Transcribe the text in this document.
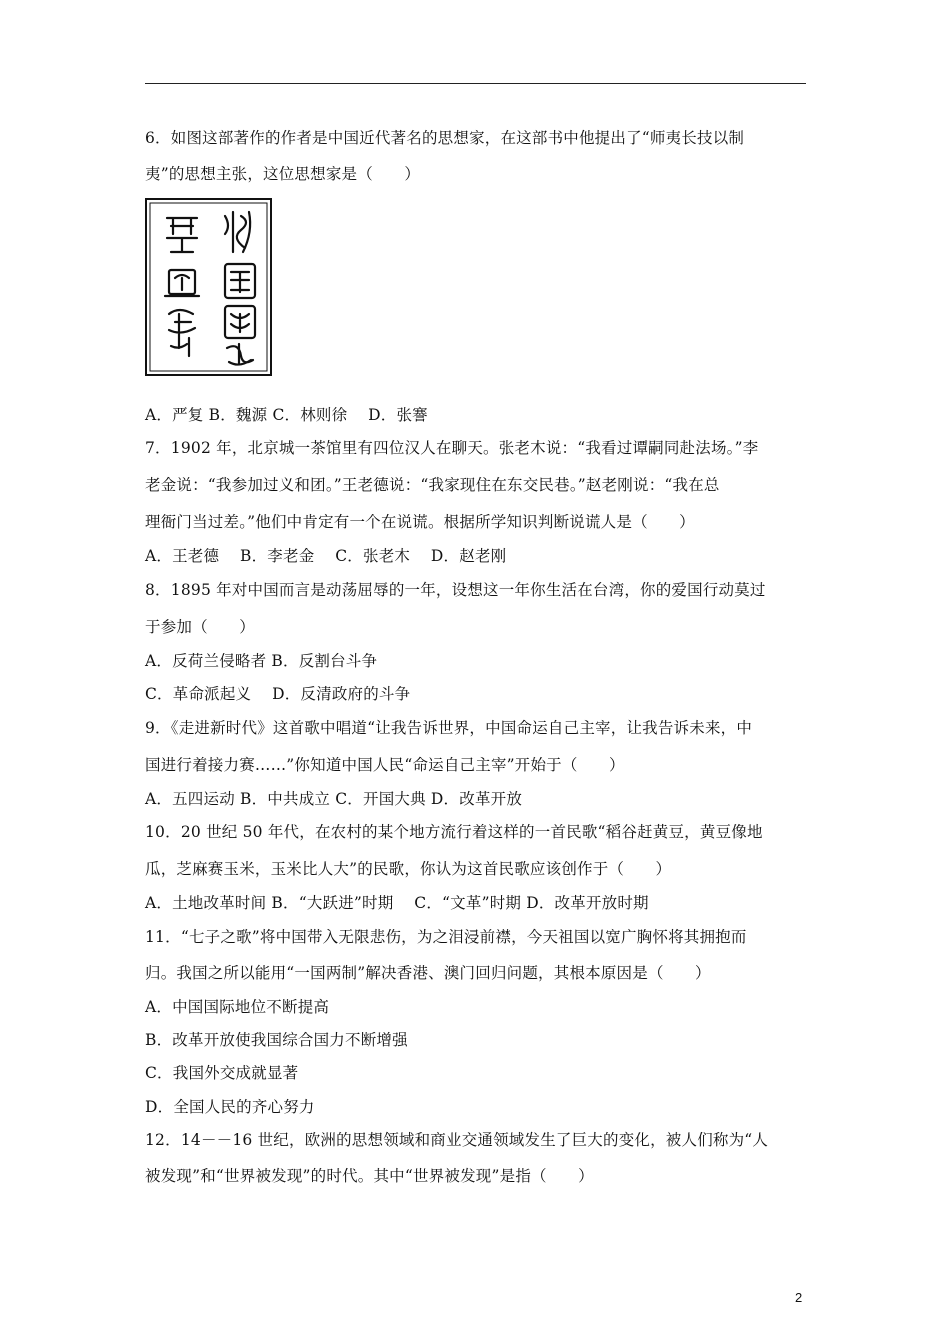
6．如图这部著作的作者是中国近代著名的思想家，在这部书中他提出了“师夷长技以制
夷”的思想主张，这位思想家是（　　）
A．严复 B．魏源 C．林则徐　 D．张謇
7．1902 年，北京城一茶馆里有四位汉人在聊天。张老木说：“我看过谭嗣同赴法场。”李
老金说：“我参加过义和团。”王老德说：“我家现住在东交民巷。”赵老刚说：“我在总
理衙门当过差。”他们中肯定有一个在说谎。根据所学知识判断说谎人是（　　）
A．王老德　 B．李老金　 C．张老木　 D．赵老刚
8．1895 年对中国而言是动荡屈辱的一年，设想这一年你生活在台湾，你的爱国行动莫过
于参加（　　）
A．反荷兰侵略者 B．反割台斗争
C．革命派起义　 D．反清政府的斗争
9．《走进新时代》这首歌中唱道“让我告诉世界，中国命运自己主宰，让我告诉未来，中
国进行着接力赛……”你知道中国人民“命运自己主宰”开始于（　　）
A．五四运动 B．中共成立 C．开国大典 D．改革开放
10．20 世纪 50 年代，在农村的某个地方流行着这样的一首民歌“稻谷赶黄豆，黄豆像地
瓜，芝麻赛玉米，玉米比人大”的民歌，你认为这首民歌应该创作于（　　）
A．土地改革时间 B．“大跃进”时期　 C．“文革”时期 D．改革开放时期
11．“七子之歌”将中国带入无限悲伤，为之泪浸前襟，今天祖国以宽广胸怀将其拥抱而
归。我国之所以能用“一国两制”解决香港、澳门回归问题，其根本原因是（　　）
A．中国国际地位不断提高
B．改革开放使我国综合国力不断增强
C．我国外交成就显著
D．全国人民的齐心努力
12．14－－16 世纪，欧洲的思想领域和商业交通领域发生了巨大的变化，被人们称为“人
被发现”和“世界被发现”的时代。其中“世界被发现”是指（　　）
2
